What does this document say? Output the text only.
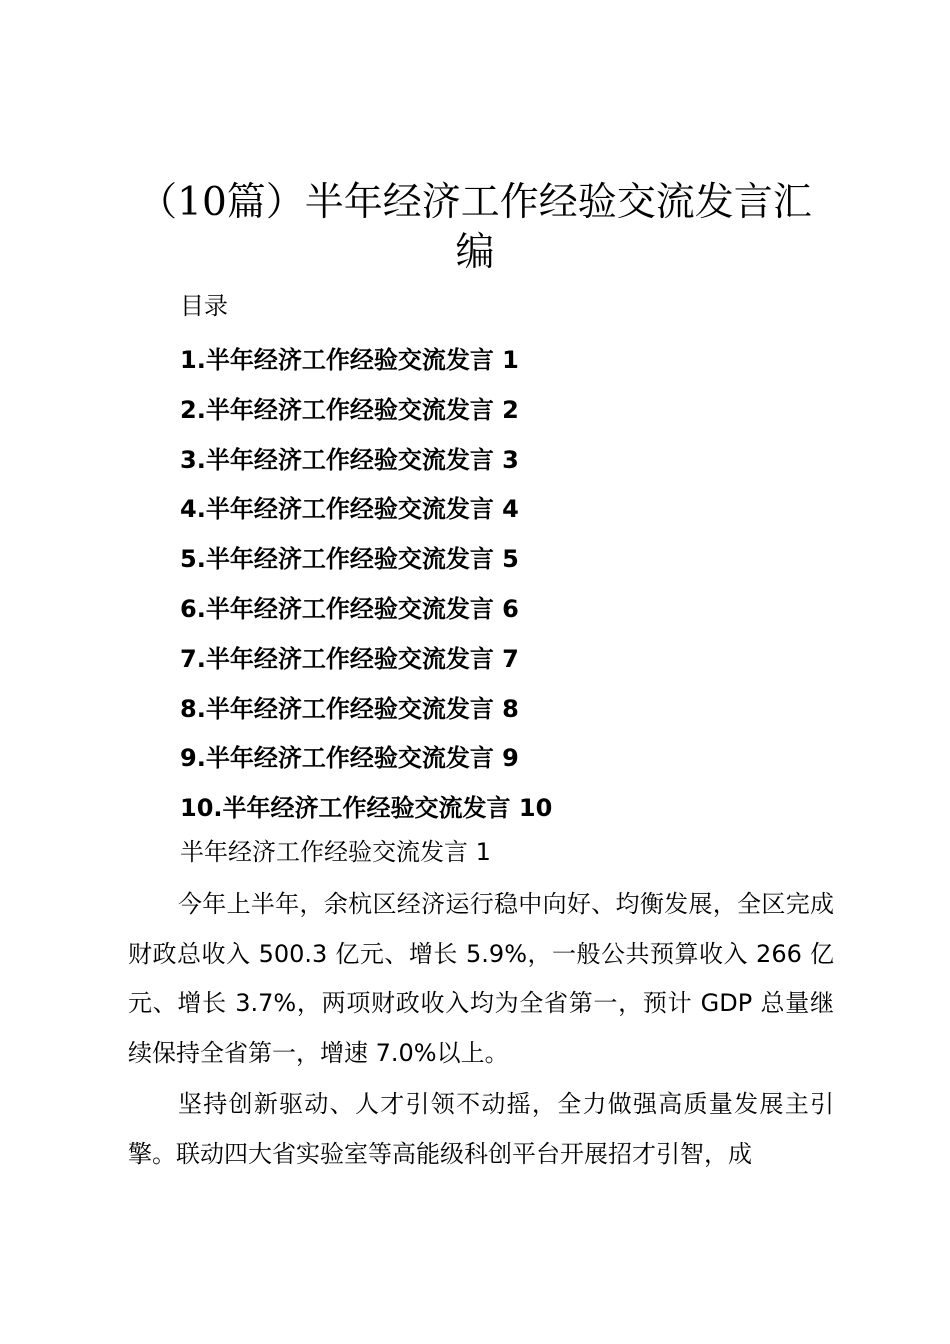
（10篇）半年经济工作经验交流发言汇编

目录

1.半年经济工作经验交流发言 1
2.半年经济工作经验交流发言 2
3.半年经济工作经验交流发言 3
4.半年经济工作经验交流发言 4
5.半年经济工作经验交流发言 5
6.半年经济工作经验交流发言 6
7.半年经济工作经验交流发言 7
8.半年经济工作经验交流发言 8
9.半年经济工作经验交流发言 9
10.半年经济工作经验交流发言 10

半年经济工作经验交流发言 1

今年上半年，余杭区经济运行稳中向好、均衡发展，全区完成财政总收入 500.3 亿元、增长 5.9%，一般公共预算收入 266 亿元、增长 3.7%，两项财政收入均为全省第一，预计 GDP 总量继续保持全省第一，增速 7.0%以上。

坚持创新驱动、人才引领不动摇，全力做强高质量发展主引擎。联动四大省实验室等高能级科创平台开展招才引智，成
